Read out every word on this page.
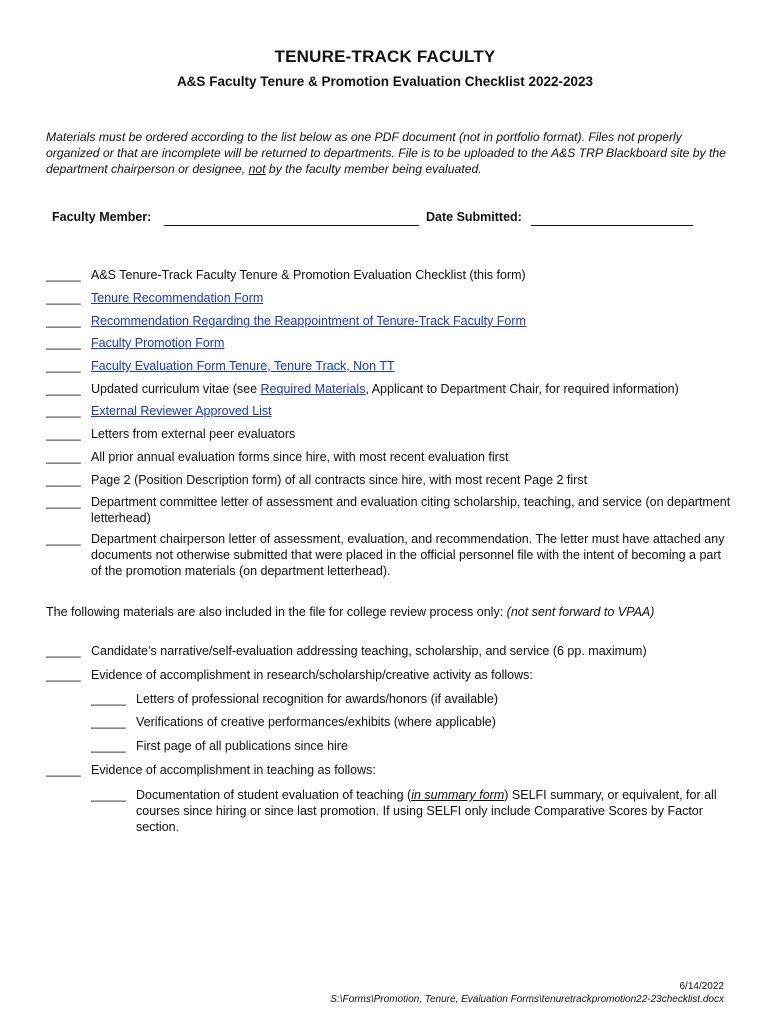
TENURE-TRACK FACULTY
A&S Faculty Tenure & Promotion Evaluation Checklist 2022-2023
Materials must be ordered according to the list below as one PDF document (not in portfolio format). Files not properly organized or that are incomplete will be returned to departments. File is to be uploaded to the A&S TRP Blackboard site by the department chairperson or designee, not by the faculty member being evaluated.
Faculty Member:	Date Submitted:
_____ A&S Tenure-Track Faculty Tenure & Promotion Evaluation Checklist (this form)
_____ Tenure Recommendation Form
_____ Recommendation Regarding the Reappointment of Tenure-Track Faculty Form
_____ Faculty Promotion Form
_____ Faculty Evaluation Form Tenure, Tenure Track, Non TT
_____ Updated curriculum vitae (see Required Materials, Applicant to Department Chair, for required information)
_____ External Reviewer Approved List
_____ Letters from external peer evaluators
_____ All prior annual evaluation forms since hire, with most recent evaluation first
_____ Page 2 (Position Description form) of all contracts since hire, with most recent Page 2 first
_____ Department committee letter of assessment and evaluation citing scholarship, teaching, and service (on department letterhead)
_____ Department chairperson letter of assessment, evaluation, and recommendation. The letter must have attached any documents not otherwise submitted that were placed in the official personnel file with the intent of becoming a part of the promotion materials (on department letterhead).
The following materials are also included in the file for college review process only: (not sent forward to VPAA)
_____ Candidate’s narrative/self-evaluation addressing teaching, scholarship, and service (6 pp. maximum)
_____ Evidence of accomplishment in research/scholarship/creative activity as follows:
_____ Letters of professional recognition for awards/honors (if available)
_____ Verifications of creative performances/exhibits (where applicable)
_____ First page of all publications since hire
_____ Evidence of accomplishment in teaching as follows:
_____ Documentation of student evaluation of teaching (in summary form) SELFI summary, or equivalent, for all courses since hiring or since last promotion. If using SELFI only include Comparative Scores by Factor section.
6/14/2022
S:\Forms\Promotion, Tenure, Evaluation Forms\tenuretrackpromotion22-23checklist.docx
